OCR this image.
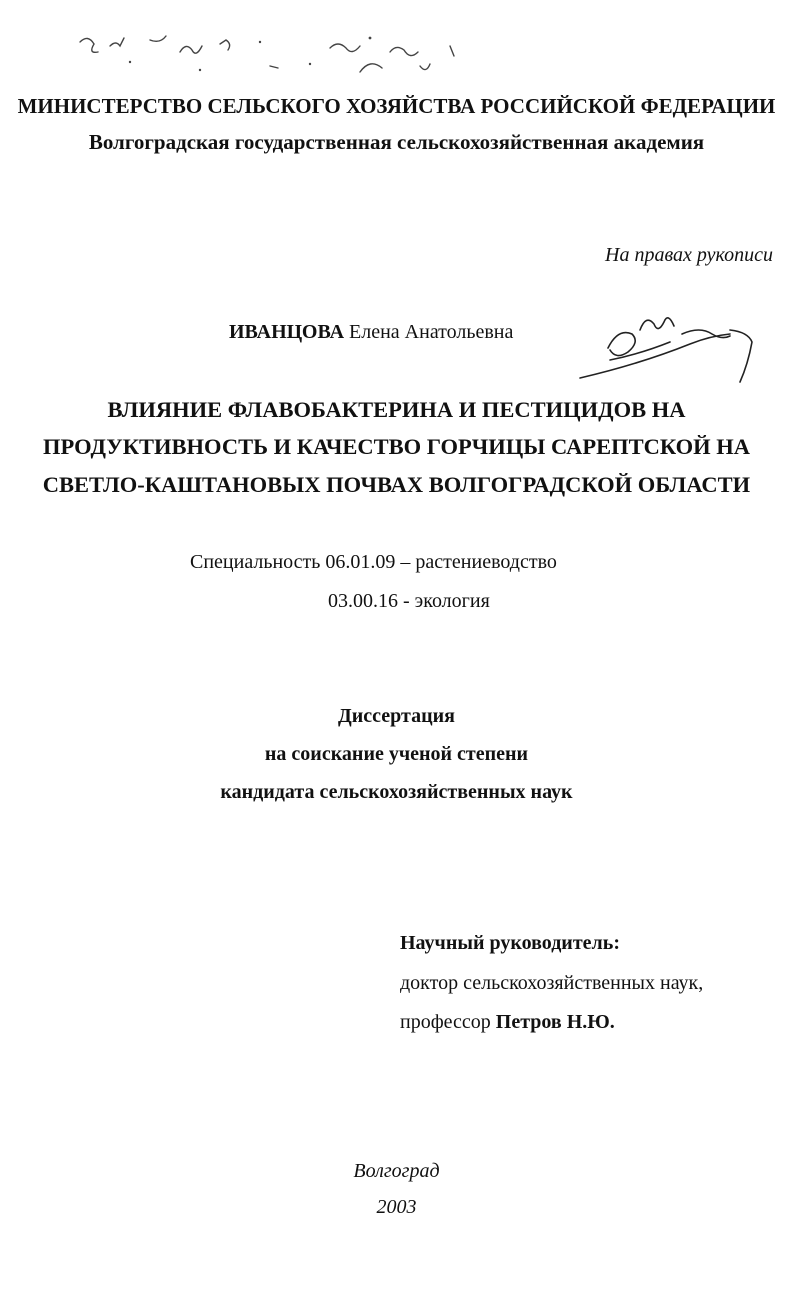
МИНИСТЕРСТВО СЕЛЬСКОГО ХОЗЯЙСТВА РОССИЙСКОЙ ФЕДЕРАЦИИ
Волгоградская государственная сельскохозяйственная академия
На правах рукописи
ИВАНЦОВА Елена Анатольевна
ВЛИЯНИЕ ФЛАВОБАКТЕРИНА И ПЕСТИЦИДОВ НА
ПРОДУКТИВНОСТЬ И КАЧЕСТВО ГОРЧИЦЫ САРЕПТСКОЙ НА
СВЕТЛО-КАШТАНОВЫХ ПОЧВАХ ВОЛГОГРАДСКОЙ ОБЛАСТИ
Специальность 06.01.09 – растениеводство
03.00.16 - экология
Диссертация
на соискание ученой степени
кандидата сельскохозяйственных наук
Научный руководитель:
доктор сельскохозяйственных наук,
профессор Петров Н.Ю.
Волгоград
2003
